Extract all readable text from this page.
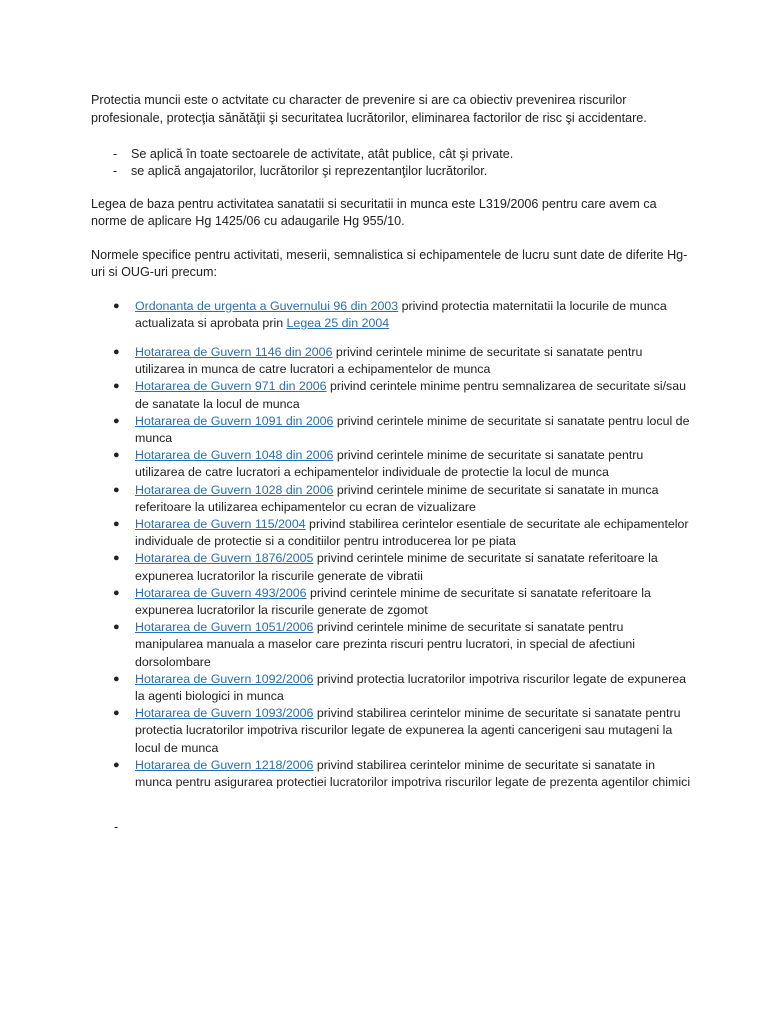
Protectia muncii este o actvitate cu character de prevenire si are ca obiectiv prevenirea riscurilor profesionale, protecţia sănătăţii şi securitatea lucrătorilor, eliminarea factorilor de risc şi accidentare.

- Se aplică în toate sectoarele de activitate, atât publice, cât şi private.
- se aplică angajatorilor, lucrătorilor şi reprezentanţilor lucrătorilor.

Legea de baza pentru activitatea sanatatii si securitatii in munca este L319/2006 pentru care avem ca norme de aplicare Hg 1425/06 cu adaugarile Hg 955/10.

Normele specifice pentru activitati, meserii, semnalistica si echipamentele de lucru sunt date de diferite Hg-uri si OUG-uri precum:

● Ordonanta de urgenta a Guvernului 96 din 2003 privind protectia maternitatii la locurile de munca actualizata si aprobata prin Legea 25 din 2004
● Hotararea de Guvern 1146 din 2006 privind cerintele minime de securitate si sanatate pentru utilizarea in munca de catre lucratori a echipamentelor de munca
● Hotararea de Guvern 971 din 2006 privind cerintele minime pentru semnalizarea de securitate si/sau de sanatate la locul de munca
● Hotararea de Guvern 1091 din 2006 privind cerintele minime de securitate si sanatate pentru locul de munca
● Hotararea de Guvern 1048 din 2006 privind cerintele minime de securitate si sanatate pentru utilizarea de catre lucratori a echipamentelor individuale de protectie la locul de munca
● Hotararea de Guvern 1028 din 2006 privind cerintele minime de securitate si sanatate in munca referitoare la utilizarea echipamentelor cu ecran de vizualizare
● Hotararea de Guvern 115/2004 privind stabilirea cerintelor esentiale de securitate ale echipamentelor individuale de protectie si a conditiilor pentru introducerea lor pe piata
● Hotararea de Guvern 1876/2005 privind cerintele minime de securitate si sanatate referitoare la expunerea lucratorilor la riscurile generate de vibratii
● Hotararea de Guvern 493/2006 privind cerintele minime de securitate si sanatate referitoare la expunerea lucratorilor la riscurile generate de zgomot
● Hotararea de Guvern 1051/2006 privind cerintele minime de securitate si sanatate pentru manipularea manuala a maselor care prezinta riscuri pentru lucratori, in special de afectiuni dorsolombare
● Hotararea de Guvern 1092/2006 privind protectia lucratorilor impotriva riscurilor legate de expunerea la agenti biologici in munca
● Hotararea de Guvern 1093/2006 privind stabilirea cerintelor minime de securitate si sanatate pentru protectia lucratorilor impotriva riscurilor legate de expunerea la agenti cancerigeni sau mutageni la locul de munca
● Hotararea de Guvern 1218/2006 privind stabilirea cerintelor minime de securitate si sanatate in munca pentru asigurarea protectiei lucratorilor impotriva riscurilor legate de prezenta agentilor chimici
-
